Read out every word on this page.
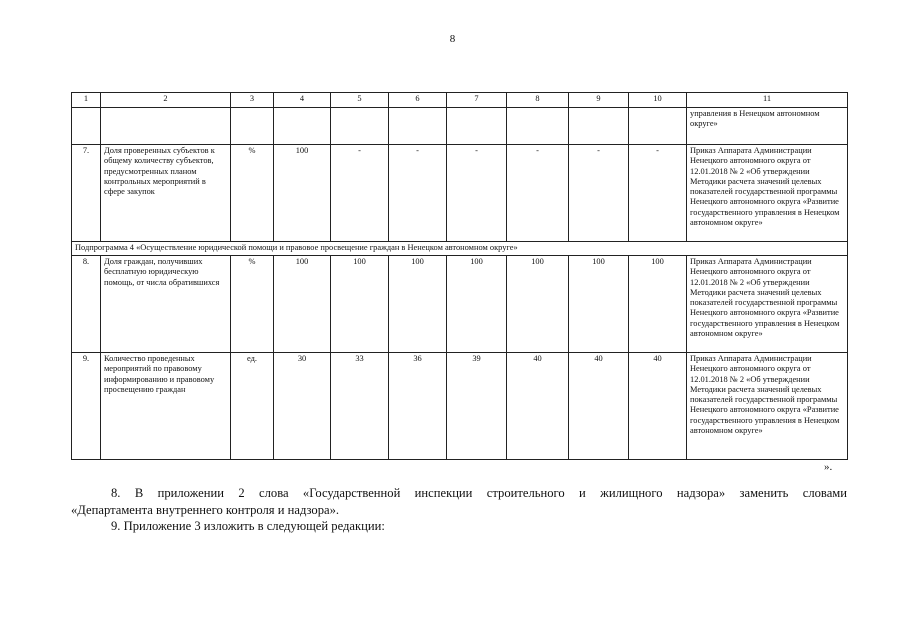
8
1	2	3	4	5	6	7	8	9	10	11
										управления в Ненецком автономном округе»
7.	Доля проверенных субъектов к общему количеству субъектов, предусмотренных планом контрольных мероприятий в сфере закупок	%	100	-	-	-	-	-	-	Приказ Аппарата Администрации Ненецкого автономного округа от 12.01.2018 № 2 «Об утверждении Методики расчета значений целевых показателей государственной программы Ненецкого автономного округа «Развитие государственного управления в Ненецком автономном округе»
Подпрограмма 4 «Осуществление юридической помощи и правовое просвещение граждан в Ненецком автономном округе»										
8.	Доля граждан, получивших бесплатную юридическую помощь, от числа обратившихся	%	100	100	100	100	100	100	100	Приказ Аппарата Администрации Ненецкого автономного округа от 12.01.2018 № 2 «Об утверждении Методики расчета значений целевых показателей государственной программы Ненецкого автономного округа «Развитие государственного управления в Ненецком автономном округе»
9.	Количество проведенных мероприятий по правовому информированию и правовому просвещению граждан	ед.	30	33	36	39	40	40	40	Приказ Аппарата Администрации Ненецкого автономного округа от 12.01.2018 № 2 «Об утверждении Методики расчета значений целевых показателей государственной программы Ненецкого автономного округа «Развитие государственного управления в Ненецком автономном округе»
».
8. В приложении 2 слова «Государственной инспекции строительного и жилищного надзора» заменить словами
«Департамента внутреннего контроля и надзора».
9. Приложение 3 изложить в следующей редакции:
